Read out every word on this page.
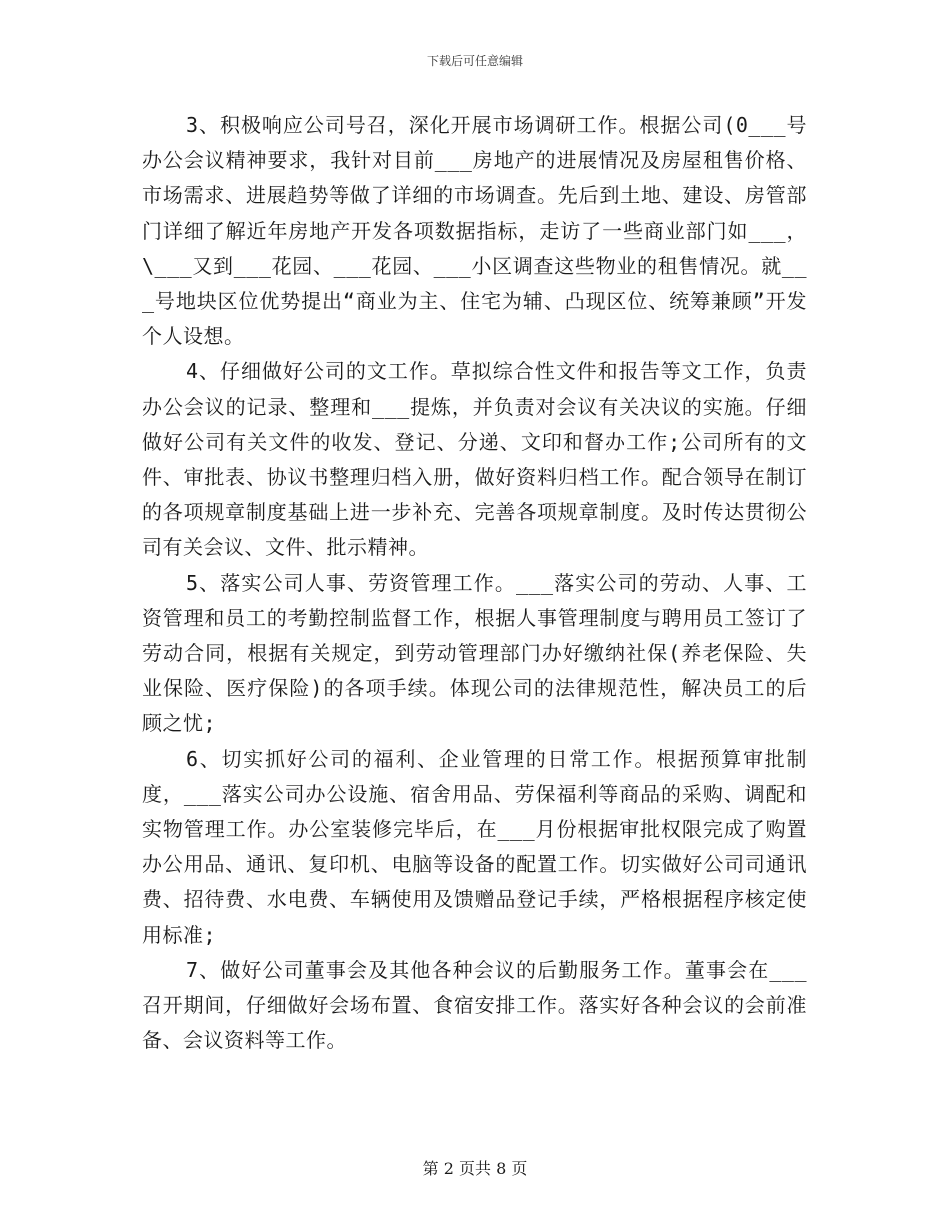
下载后可任意编辑

3、积极响应公司号召，深化开展市场调研工作。根据公司(0___号办公会议精神要求，我针对目前___房地产的进展情况及房屋租售价格、市场需求、进展趋势等做了详细的市场调查。先后到土地、建设、房管部门详细了解近年房地产开发各项数据指标，走访了一些商业部门如___，\___又到___花园、___花园、___小区调查这些物业的租售情况。就___号地块区位优势提出“商业为主、住宅为辅、凸现区位、统筹兼顾”开发个人设想。

4、仔细做好公司的文工作。草拟综合性文件和报告等文工作，负责办公会议的记录、整理和___提炼，并负责对会议有关决议的实施。仔细做好公司有关文件的收发、登记、分递、文印和督办工作;公司所有的文件、审批表、协议书整理归档入册，做好资料归档工作。配合领导在制订的各项规章制度基础上进一步补充、完善各项规章制度。及时传达贯彻公司有关会议、文件、批示精神。

5、落实公司人事、劳资管理工作。___落实公司的劳动、人事、工资管理和员工的考勤控制监督工作，根据人事管理制度与聘用员工签订了劳动合同，根据有关规定，到劳动管理部门办好缴纳社保(养老保险、失业保险、医疗保险)的各项手续。体现公司的法律规范性，解决员工的后顾之忧;

6、切实抓好公司的福利、企业管理的日常工作。根据预算审批制度，___落实公司办公设施、宿舍用品、劳保福利等商品的采购、调配和实物管理工作。办公室装修完毕后，在___月份根据审批权限完成了购置办公用品、通讯、复印机、电脑等设备的配置工作。切实做好公司司通讯费、招待费、水电费、车辆使用及馈赠品登记手续，严格根据程序核定使用标准;

7、做好公司董事会及其他各种会议的后勤服务工作。董事会在___召开期间，仔细做好会场布置、食宿安排工作。落实好各种会议的会前准备、会议资料等工作。

第 2 页共 8 页
